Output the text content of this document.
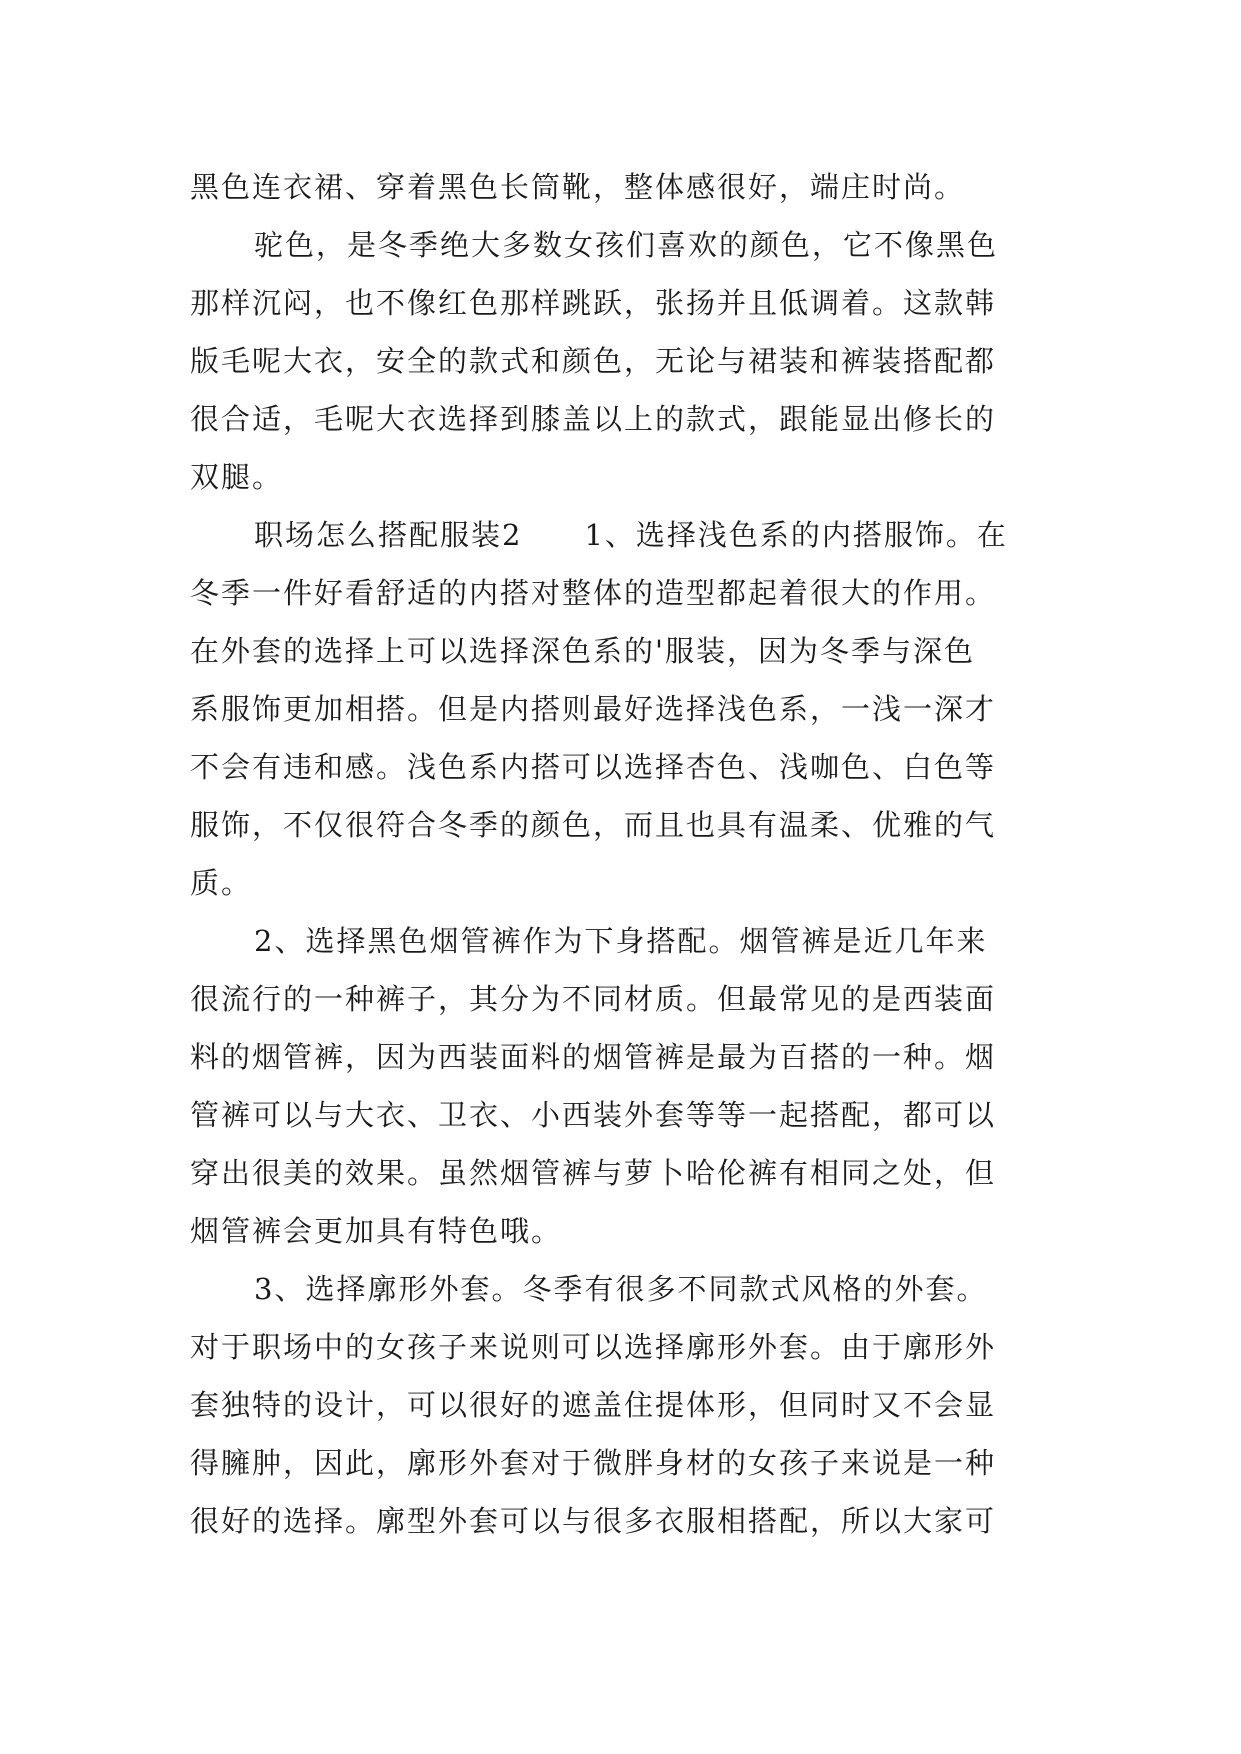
黑色连衣裙、穿着黑色长筒靴，整体感很好，端庄时尚。

驼色，是冬季绝大多数女孩们喜欢的颜色，它不像黑色
那样沉闷，也不像红色那样跳跃，张扬并且低调着。这款韩
版毛呢大衣，安全的款式和颜色，无论与裙装和裤装搭配都
很合适，毛呢大衣选择到膝盖以上的款式，跟能显出修长的
双腿。

职场怎么搭配服装2　　1、选择浅色系的内搭服饰。在
冬季一件好看舒适的内搭对整体的造型都起着很大的作用。
在外套的选择上可以选择深色系的'服装，因为冬季与深色
系服饰更加相搭。但是内搭则最好选择浅色系，一浅一深才
不会有违和感。浅色系内搭可以选择杏色、浅咖色、白色等
服饰，不仅很符合冬季的颜色，而且也具有温柔、优雅的气
质。

2、选择黑色烟管裤作为下身搭配。烟管裤是近几年来
很流行的一种裤子，其分为不同材质。但最常见的是西装面
料的烟管裤，因为西装面料的烟管裤是最为百搭的一种。烟
管裤可以与大衣、卫衣、小西装外套等等一起搭配，都可以
穿出很美的效果。虽然烟管裤与萝卜哈伦裤有相同之处，但
烟管裤会更加具有特色哦。

3、选择廓形外套。冬季有很多不同款式风格的外套。
对于职场中的女孩子来说则可以选择廓形外套。由于廓形外
套独特的设计，可以很好的遮盖住提体形，但同时又不会显
得臃肿，因此，廓形外套对于微胖身材的女孩子来说是一种
很好的选择。廓型外套可以与很多衣服相搭配，所以大家可
